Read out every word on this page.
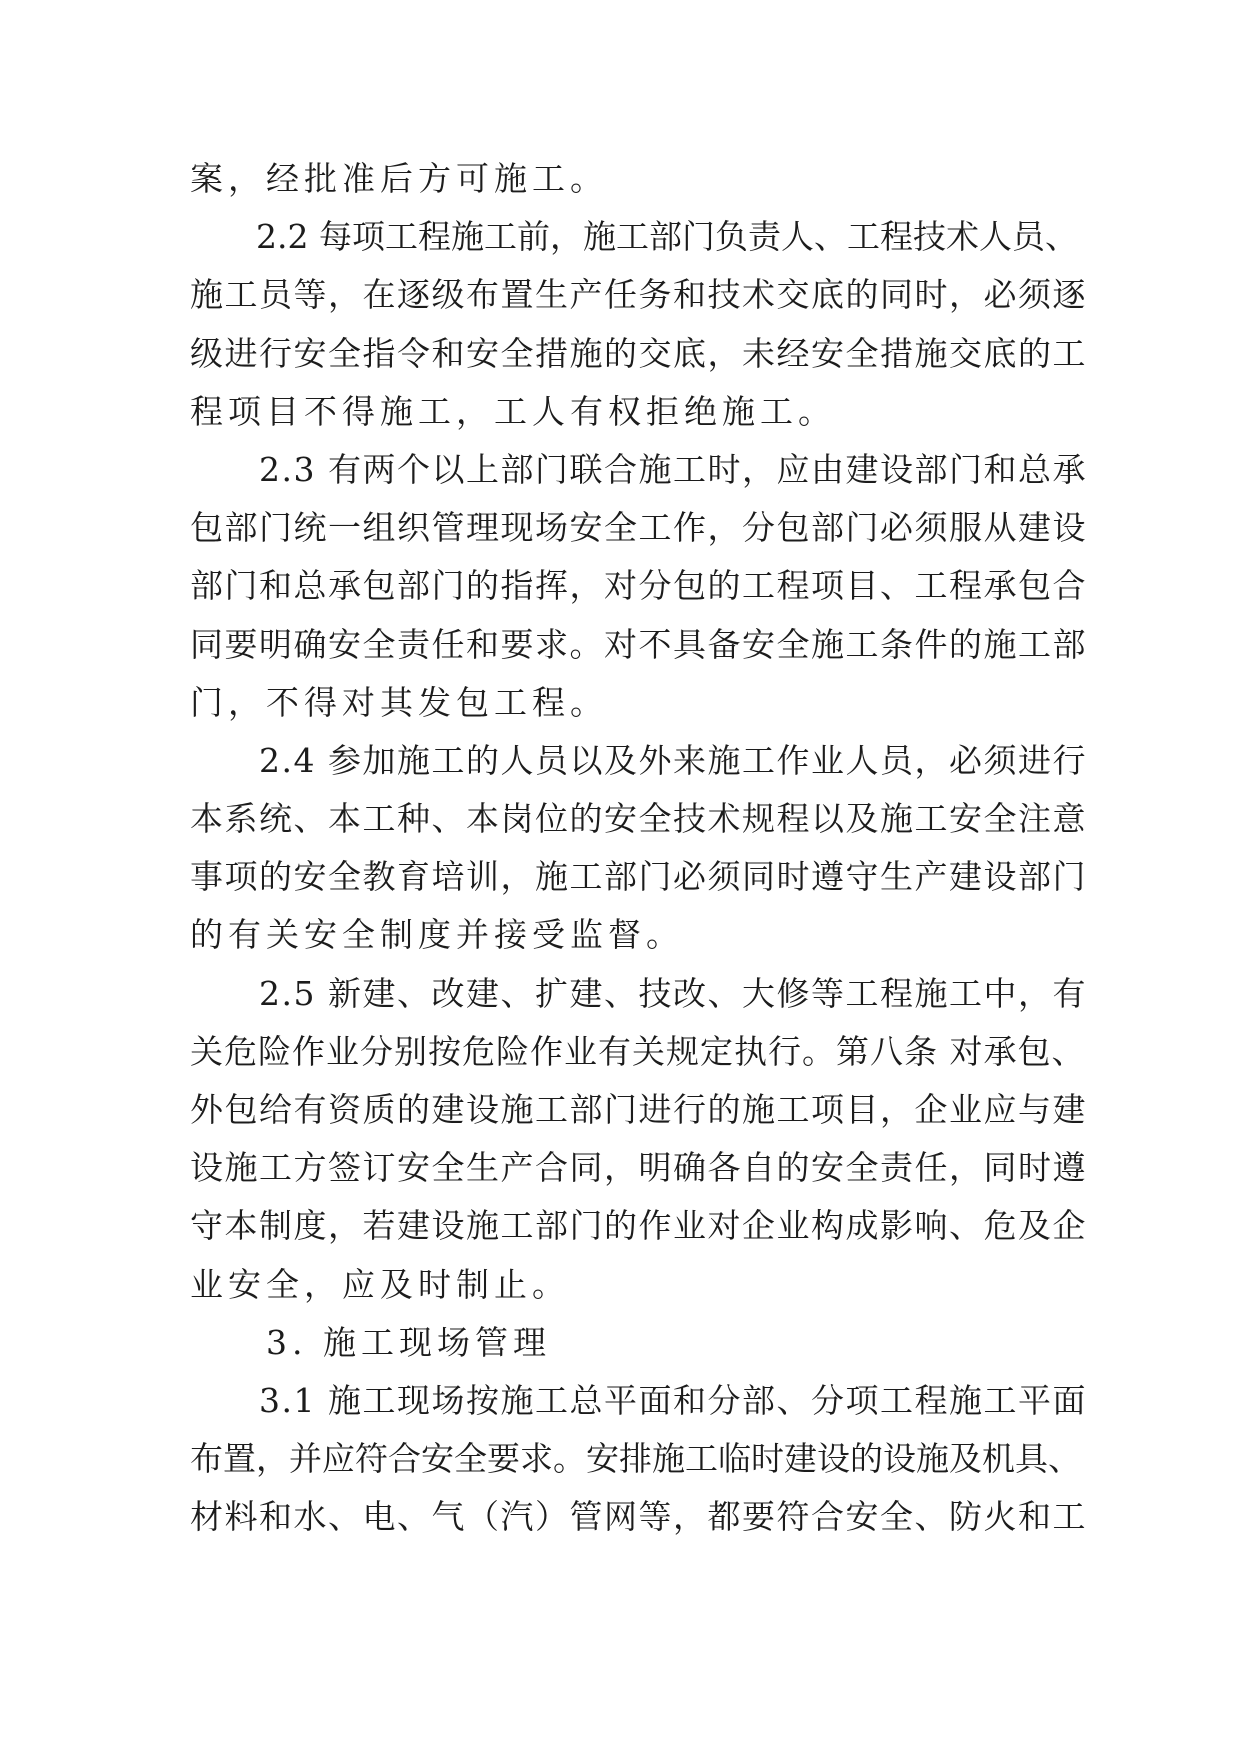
案，经批准后方可施工。
　　2.2 每项工程施工前，施工部门负责人、工程技术人员、
施工员等，在逐级布置生产任务和技术交底的同时，必须逐
级进行安全指令和安全措施的交底，未经安全措施交底的工
程项目不得施工，工人有权拒绝施工。
　　2.3 有两个以上部门联合施工时，应由建设部门和总承
包部门统一组织管理现场安全工作，分包部门必须服从建设
部门和总承包部门的指挥，对分包的工程项目、工程承包合
同要明确安全责任和要求。对不具备安全施工条件的施工部
门，不得对其发包工程。
　　2.4 参加施工的人员以及外来施工作业人员，必须进行
本系统、本工种、本岗位的安全技术规程以及施工安全注意
事项的安全教育培训，施工部门必须同时遵守生产建设部门
的有关安全制度并接受监督。
　　2.5 新建、改建、扩建、技改、大修等工程施工中，有
关危险作业分别按危险作业有关规定执行。第八条 对承包、
外包给有资质的建设施工部门进行的施工项目，企业应与建
设施工方签订安全生产合同，明确各自的安全责任，同时遵
守本制度，若建设施工部门的作业对企业构成影响、危及企
业安全，应及时制止。
　　3. 施工现场管理
　　3.1 施工现场按施工总平面和分部、分项工程施工平面
布置，并应符合安全要求。安排施工临时建设的设施及机具、
材料和水、电、气（汽）管网等，都要符合安全、防火和工
